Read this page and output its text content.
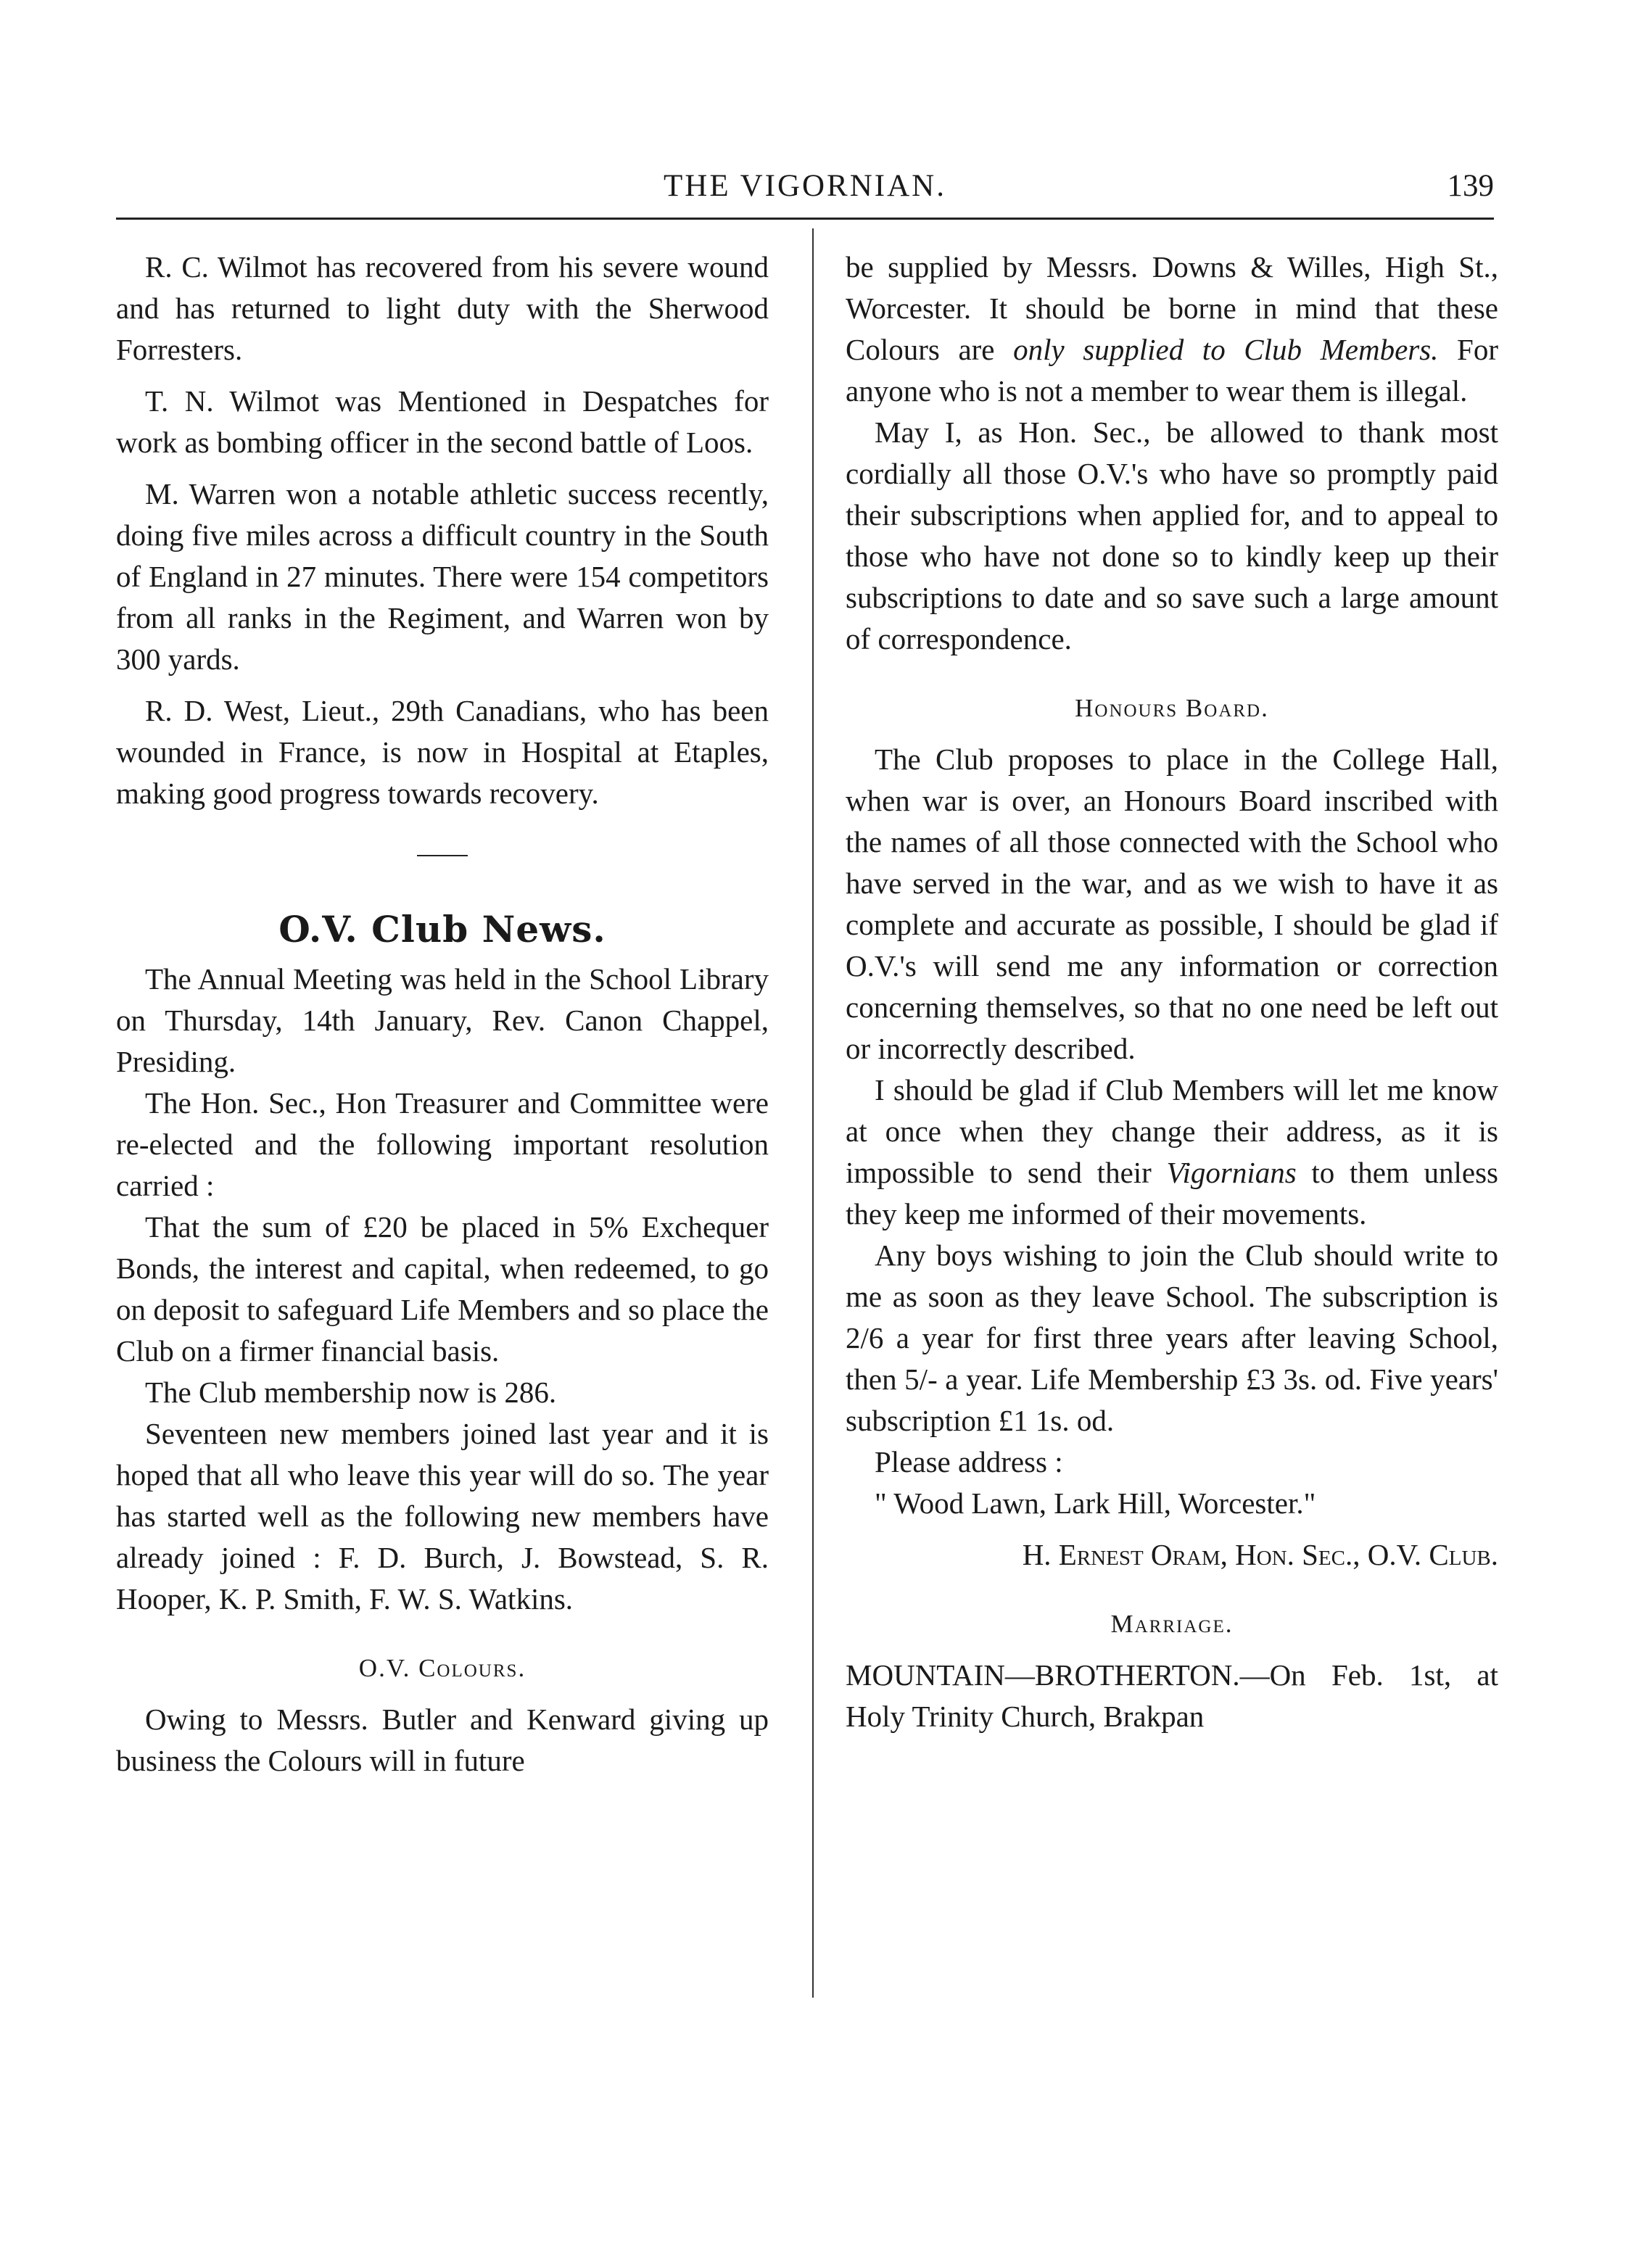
THE VIGORNIAN.	139

R. C. Wilmot has recovered from his severe wound and has returned to light duty with the Sherwood Forresters.

T. N. Wilmot was Mentioned in Despatches for work as bombing officer in the second battle of Loos.

M. Warren won a notable athletic success recently, doing five miles across a difficult country in the South of England in 27 minutes. There were 154 competitors from all ranks in the Regiment, and Warren won by 300 yards.

R. D. West, Lieut., 29th Canadians, who has been wounded in France, is now in Hospital at Etaples, making good progress towards recovery.

O.V. Club News.

The Annual Meeting was held in the School Library on Thursday, 14th January, Rev. Canon Chappel, Presiding.

The Hon. Sec., Hon Treasurer and Committee were re-elected and the following important resolution carried :

That the sum of £20 be placed in 5% Exchequer Bonds, the interest and capital, when redeemed, to go on deposit to safeguard Life Members and so place the Club on a firmer financial basis.

The Club membership now is 286.

Seventeen new members joined last year and it is hoped that all who leave this year will do so. The year has started well as the following new members have already joined : F. D. Burch, J. Bowstead, S. R. Hooper, K. P. Smith, F. W. S. Watkins.

O.V. Colours.

Owing to Messrs. Butler and Kenward giving up business the Colours will in future

be supplied by Messrs. Downs & Willes, High St., Worcester. It should be borne in mind that these Colours are only supplied to Club Members. For anyone who is not a member to wear them is illegal.

May I, as Hon. Sec., be allowed to thank most cordially all those O.V.'s who have so promptly paid their subscriptions when applied for, and to appeal to those who have not done so to kindly keep up their subscriptions to date and so save such a large amount of correspondence.

Honours Board.

The Club proposes to place in the College Hall, when war is over, an Honours Board inscribed with the names of all those connected with the School who have served in the war, and as we wish to have it as complete and accurate as possible, I should be glad if O.V.'s will send me any information or correction concerning themselves, so that no one need be left out or incorrectly described.

I should be glad if Club Members will let me know at once when they change their address, as it is impossible to send their Vigornians to them unless they keep me informed of their movements.

Any boys wishing to join the Club should write to me as soon as they leave School. The subscription is 2/6 a year for first three years after leaving School, then 5/- a year. Life Membership £3 3s. od. Five years' subscription £1 1s. od.

Please address :

" Wood Lawn, Lark Hill, Worcester."
H. Ernest Oram, Hon. Sec., O.V. Club.
Marriage.

MOUNTAIN—BROTHERTON.—On Feb. 1st, at Holy Trinity Church, Brakpan
